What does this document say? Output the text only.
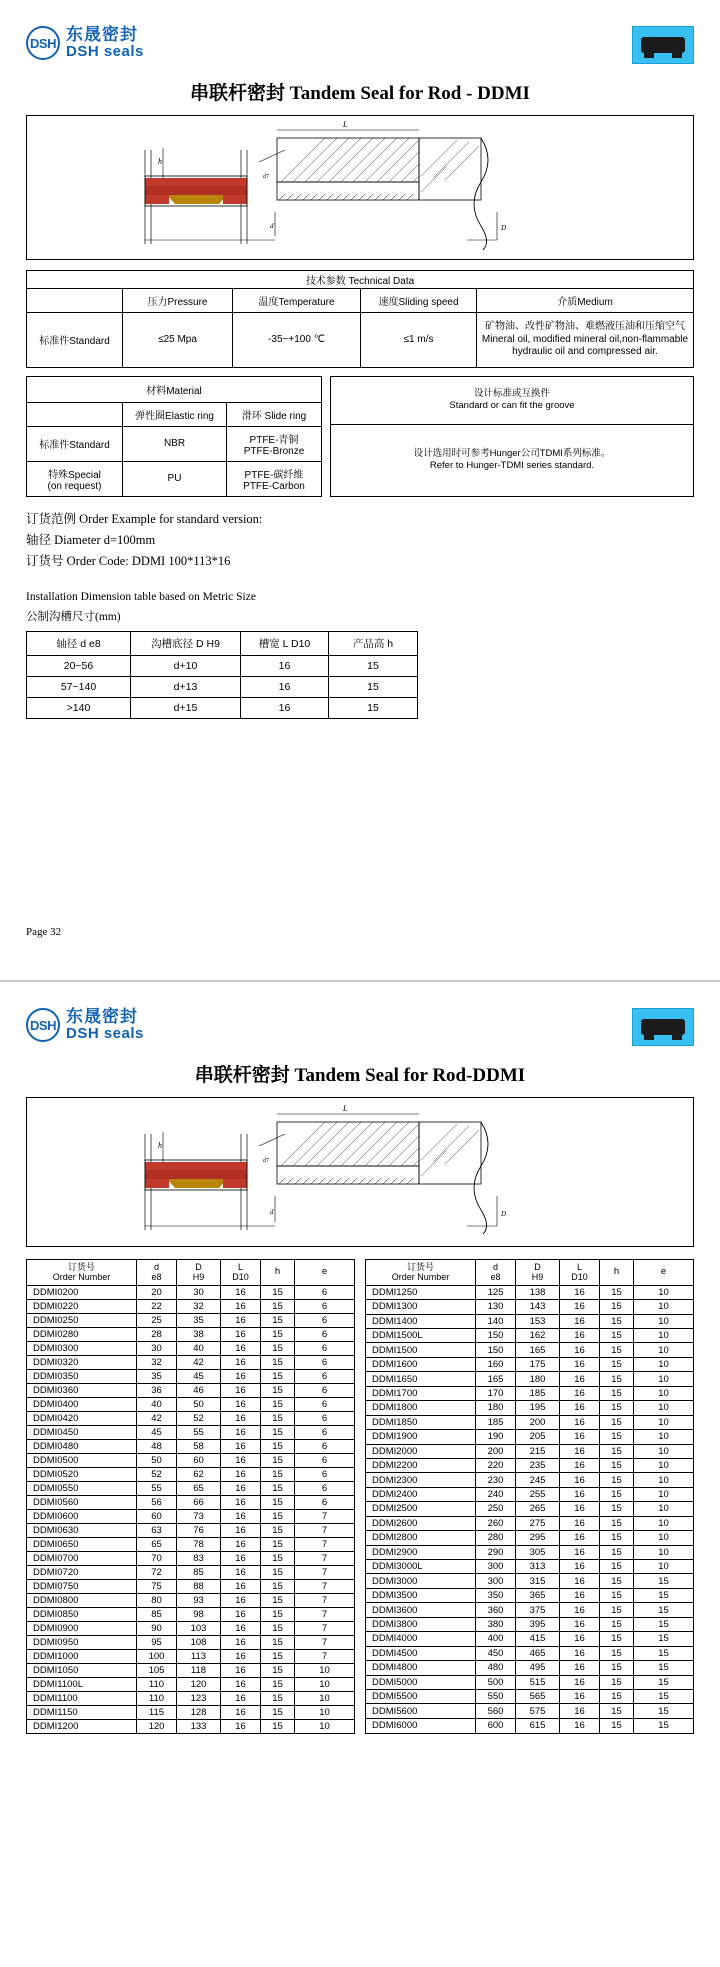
DSH 东晟密封
DSH seals
串联杆密封 Tandem Seal for Rod - DDMI
h
L
d7
d	D
技术参数 Technical Data				
	压力Pressure	温度Temperature	速度Sliding speed	介质Medium
标准件Standard	≤25 Mpa	-35~+100 ℃	≤1 m/s	矿物油、改性矿物油、难燃液压油和压缩空气
Mineral oil, modified mineral oil,non-flammable hydraulic oil and compressed air.
材料Material		
	弹性圈Elastic ring	滑环 Slide ring
标准件Standard	NBR	PTFE-青铜
PTFE-Bronze
特殊Special
(on request)	PU	PTFE-碳纤维
PTFE-Carbon
设计标准或互换件
Standard or can fit the groove

设计选用时可参考Hunger公司TDMI系列标准。
Refer to Hunger-TDMI series standard.
订货范例 Order Example for standard version:
轴径 Diameter d=100mm
订货号 Order Code: DDMI 100*113*16
Installation Dimension table based on Metric Size
公制沟槽尺寸(mm)
轴径 d e8	沟槽底径 D H9	槽宽 L D10	产品高 h
20~56	d+10	16	15
57~140	d+13	16	15
>140	d+15	16	15
Page 32
DSH 东晟密封
DSH seals
串联杆密封 Tandem Seal for Rod-DDMI
h
L
d7
d	D
订货号
Order Number	d
e8	D
H9	L
D10	h	e
DDMI0200	20	30	16	15	6
DDMI0220	22	32	16	15	6
DDMI0250	25	35	16	15	6
DDMI0280	28	38	16	15	6
DDMI0300	30	40	16	15	6
DDMI0320	32	42	16	15	6
DDMI0350	35	45	16	15	6
DDMI0360	36	46	16	15	6
DDMI0400	40	50	16	15	6
DDMI0420	42	52	16	15	6
DDMI0450	45	55	16	15	6
DDMI0480	48	58	16	15	6
DDMI0500	50	60	16	15	6
DDMI0520	52	62	16	15	6
DDMI0550	55	65	16	15	6
DDMI0560	56	66	16	15	6
DDMI0600	60	73	16	15	7
DDMI0630	63	76	16	15	7
DDMI0650	65	78	16	15	7
DDMI0700	70	83	16	15	7
DDMI0720	72	85	16	15	7
DDMI0750	75	88	16	15	7
DDMI0800	80	93	16	15	7
DDMI0850	85	98	16	15	7
DDMI0900	90	103	16	15	7
DDMI0950	95	108	16	15	7
DDMI1000	100	113	16	15	7
DDMI1050	105	118	16	15	10
DDMI1100L	110	120	16	15	10
DDMI1100	110	123	16	15	10
DDMI1150	115	128	16	15	10
DDMI1200	120	133	16	15	10
订货号
Order Number	d
e8	D
H9	L
D10	h	e
DDMI1250	125	138	16	15	10
DDMI1300	130	143	16	15	10
DDMI1400	140	153	16	15	10
DDMI1500L	150	162	16	15	10
DDMI1500	150	165	16	15	10
DDMI1600	160	175	16	15	10
DDMI1650	165	180	16	15	10
DDMI1700	170	185	16	15	10
DDMI1800	180	195	16	15	10
DDMI1850	185	200	16	15	10
DDMI1900	190	205	16	15	10
DDMI2000	200	215	16	15	10
DDMI2200	220	235	16	15	10
DDMI2300	230	245	16	15	10
DDMI2400	240	255	16	15	10
DDMI2500	250	265	16	15	10
DDMI2600	260	275	16	15	10
DDMI2800	280	295	16	15	10
DDMI2900	290	305	16	15	10
DDMI3000L	300	313	16	15	10
DDMI3000	300	315	16	15	15
DDMI3500	350	365	16	15	15
DDMI3600	360	375	16	15	15
DDMI3800	380	395	16	15	15
DDMI4000	400	415	16	15	15
DDMI4500	450	465	16	15	15
DDMI4800	480	495	16	15	15
DDMI5000	500	515	16	15	15
DDMI5500	550	565	16	15	15
DDMI5600	560	575	16	15	15
DDMI6000	600	615	16	15	15
